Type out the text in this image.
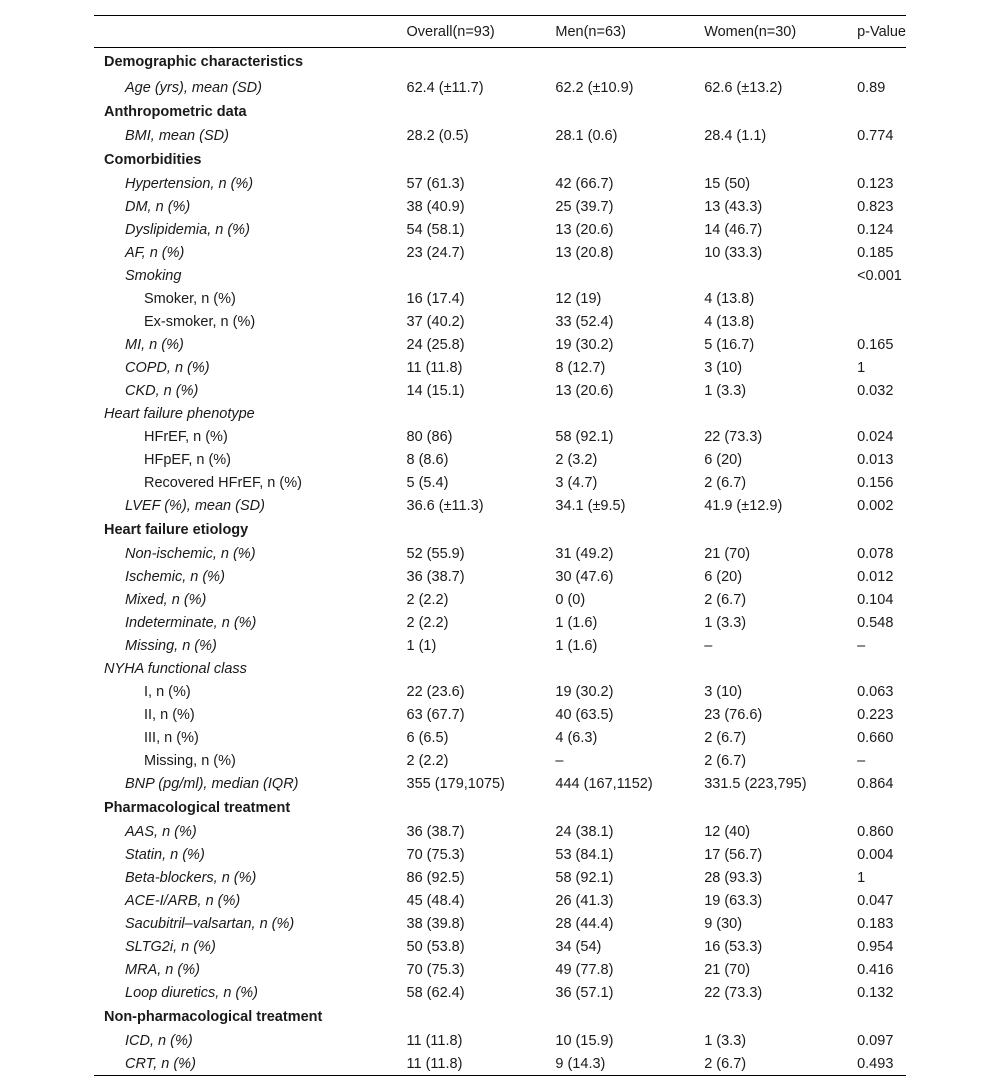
	Overall(n=93)	Men(n=63)	Women(n=30)	p-Value
Demographic characteristics				
Age (yrs), mean (SD)	62.4 (±11.7)	62.2 (±10.9)	62.6 (±13.2)	0.89
Anthropometric data				
BMI, mean (SD)	28.2 (0.5)	28.1 (0.6)	28.4 (1.1)	0.774
Comorbidities				
Hypertension, n (%)	57 (61.3)	42 (66.7)	15 (50)	0.123
DM, n (%)	38 (40.9)	25 (39.7)	13 (43.3)	0.823
Dyslipidemia, n (%)	54 (58.1)	13 (20.6)	14 (46.7)	0.124
AF, n (%)	23 (24.7)	13 (20.8)	10 (33.3)	0.185
Smoking				<0.001
Smoker, n (%)	16 (17.4)	12 (19)	4 (13.8)	
Ex-smoker, n (%)	37 (40.2)	33 (52.4)	4 (13.8)	
MI, n (%)	24 (25.8)	19 (30.2)	5 (16.7)	0.165
COPD, n (%)	11 (11.8)	8 (12.7)	3 (10)	1
CKD, n (%)	14 (15.1)	13 (20.6)	1 (3.3)	0.032
Heart failure phenotype				
HFrEF, n (%)	80 (86)	58 (92.1)	22 (73.3)	0.024
HFpEF, n (%)	8 (8.6)	2 (3.2)	6 (20)	0.013
Recovered HFrEF, n (%)	5 (5.4)	3 (4.7)	2 (6.7)	0.156
LVEF (%), mean (SD)	36.6 (±11.3)	34.1 (±9.5)	41.9 (±12.9)	0.002
Heart failure etiology				
Non-ischemic, n (%)	52 (55.9)	31 (49.2)	21 (70)	0.078
Ischemic, n (%)	36 (38.7)	30 (47.6)	6 (20)	0.012
Mixed, n (%)	2 (2.2)	0 (0)	2 (6.7)	0.104
Indeterminate, n (%)	2 (2.2)	1 (1.6)	1 (3.3)	0.548
Missing, n (%)	1 (1)	1 (1.6)	–	–
NYHA functional class				
I, n (%)	22 (23.6)	19 (30.2)	3 (10)	0.063
II, n (%)	63 (67.7)	40 (63.5)	23 (76.6)	0.223
III, n (%)	6 (6.5)	4 (6.3)	2 (6.7)	0.660
Missing, n (%)	2 (2.2)	–	2 (6.7)	–
BNP (pg/ml), median (IQR)	355 (179,1075)	444 (167,1152)	331.5 (223,795)	0.864
Pharmacological treatment				
AAS, n (%)	36 (38.7)	24 (38.1)	12 (40)	0.860
Statin, n (%)	70 (75.3)	53 (84.1)	17 (56.7)	0.004
Beta-blockers, n (%)	86 (92.5)	58 (92.1)	28 (93.3)	1
ACE-I/ARB, n (%)	45 (48.4)	26 (41.3)	19 (63.3)	0.047
Sacubitril–valsartan, n (%)	38 (39.8)	28 (44.4)	9 (30)	0.183
SLTG2i, n (%)	50 (53.8)	34 (54)	16 (53.3)	0.954
MRA, n (%)	70 (75.3)	49 (77.8)	21 (70)	0.416
Loop diuretics, n (%)	58 (62.4)	36 (57.1)	22 (73.3)	0.132
Non-pharmacological treatment				
ICD, n (%)	11 (11.8)	10 (15.9)	1 (3.3)	0.097
CRT, n (%)	11 (11.8)	9 (14.3)	2 (6.7)	0.493
